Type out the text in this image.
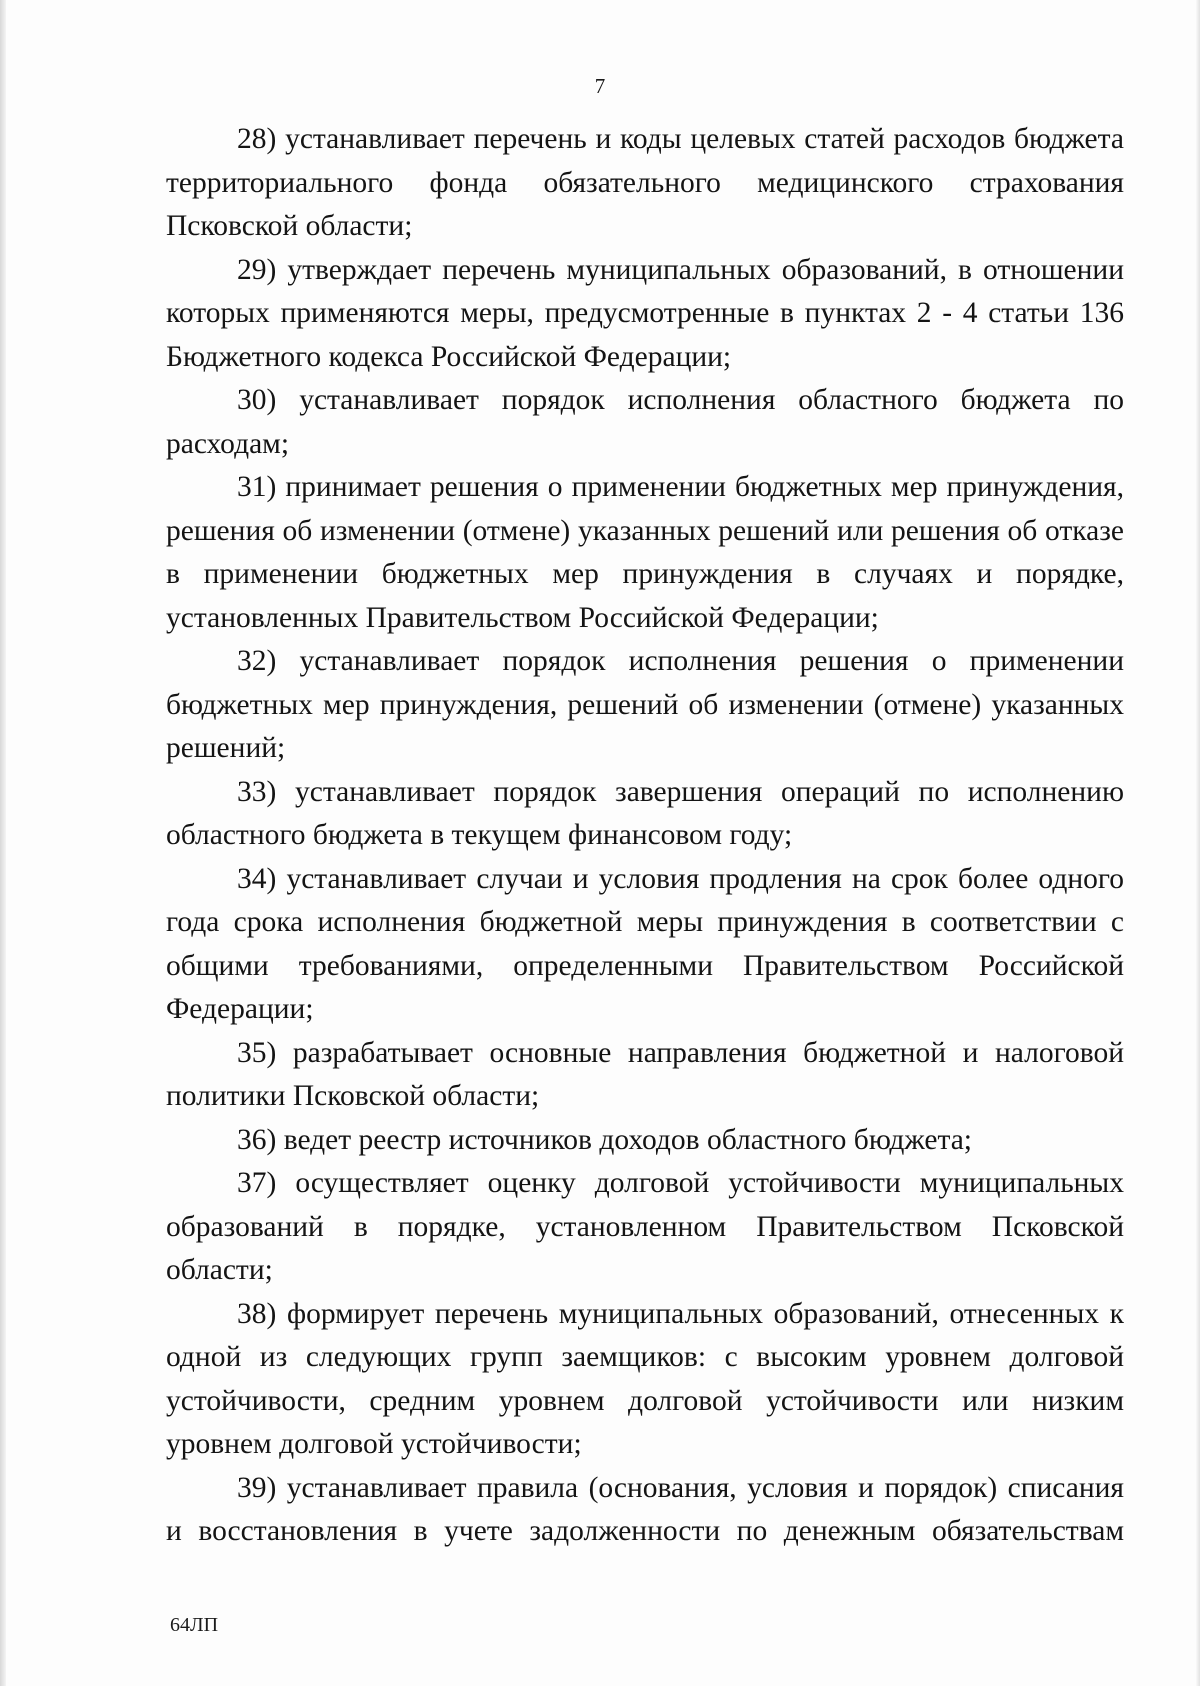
7

28) устанавливает перечень и коды целевых статей расходов бюджета территориального фонда обязательного медицинского страхования Псковской области;

29) утверждает перечень муниципальных образований, в отношении которых применяются меры, предусмотренные в пунктах 2 - 4 статьи 136 Бюджетного кодекса Российской Федерации;

30) устанавливает порядок исполнения областного бюджета по расходам;

31) принимает решения о применении бюджетных мер принуждения, решения об изменении (отмене) указанных решений или решения об отказе в применении бюджетных мер принуждения в случаях и порядке, установленных Правительством Российской Федерации;

32) устанавливает порядок исполнения решения о применении бюджетных мер принуждения, решений об изменении (отмене) указанных решений;

33) устанавливает порядок завершения операций по исполнению областного бюджета в текущем финансовом году;

34) устанавливает случаи и условия продления на срок более одного года срока исполнения бюджетной меры принуждения в соответствии с общими требованиями, определенными Правительством Российской Федерации;

35) разрабатывает основные направления бюджетной и налоговой политики Псковской области;

36) ведет реестр источников доходов областного бюджета;

37) осуществляет оценку долговой устойчивости муниципальных образований в порядке, установленном Правительством Псковской области;

38) формирует перечень муниципальных образований, отнесенных к одной из следующих групп заемщиков: с высоким уровнем долговой устойчивости, средним уровнем долговой устойчивости или низким уровнем долговой устойчивости;

39) устанавливает правила (основания, условия и порядок) списания и восстановления в учете задолженности по денежным обязательствам

64ЛП
